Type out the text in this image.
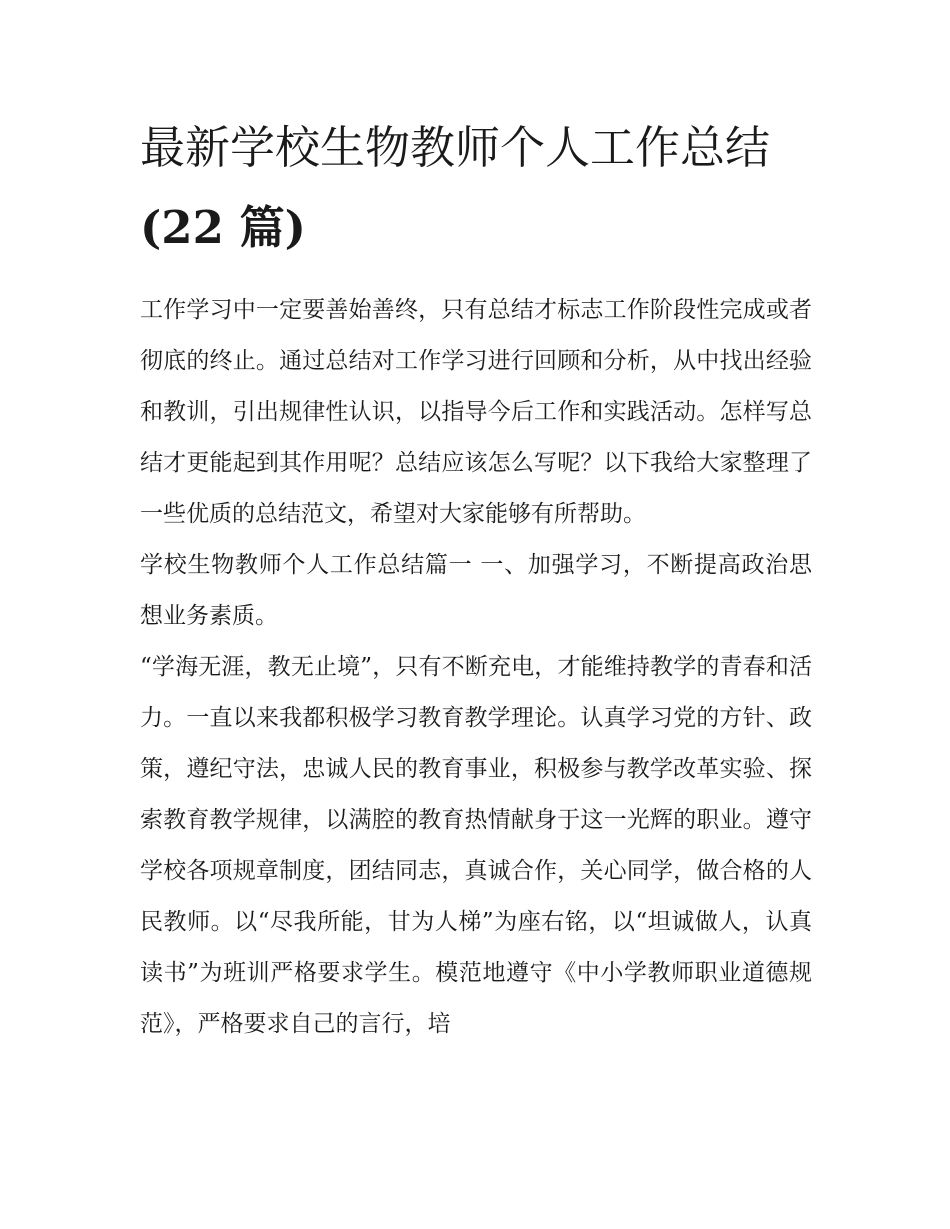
最新学校生物教师个人工作总结(22 篇)

工作学习中一定要善始善终，只有总结才标志工作阶段性完成或者彻底的终止。通过总结对工作学习进行回顾和分析，从中找出经验和教训，引出规律性认识，以指导今后工作和实践活动。怎样写总结才更能起到其作用呢？总结应该怎么写呢？以下我给大家整理了一些优质的总结范文，希望对大家能够有所帮助。

学校生物教师个人工作总结篇一 一、加强学习，不断提高政治思想业务素质。

“学海无涯，教无止境”，只有不断充电，才能维持教学的青春和活力。一直以来我都积极学习教育教学理论。认真学习党的方针、政策，遵纪守法，忠诚人民的教育事业，积极参与教学改革实验、探索教育教学规律，以满腔的教育热情献身于这一光辉的职业。遵守学校各项规章制度，团结同志，真诚合作，关心同学，做合格的人民教师。以“尽我所能，甘为人梯”为座右铭，以“坦诚做人，认真读书”为班训严格要求学生。模范地遵守《中小学教师职业道德规范》，严格要求自己的言行，培
